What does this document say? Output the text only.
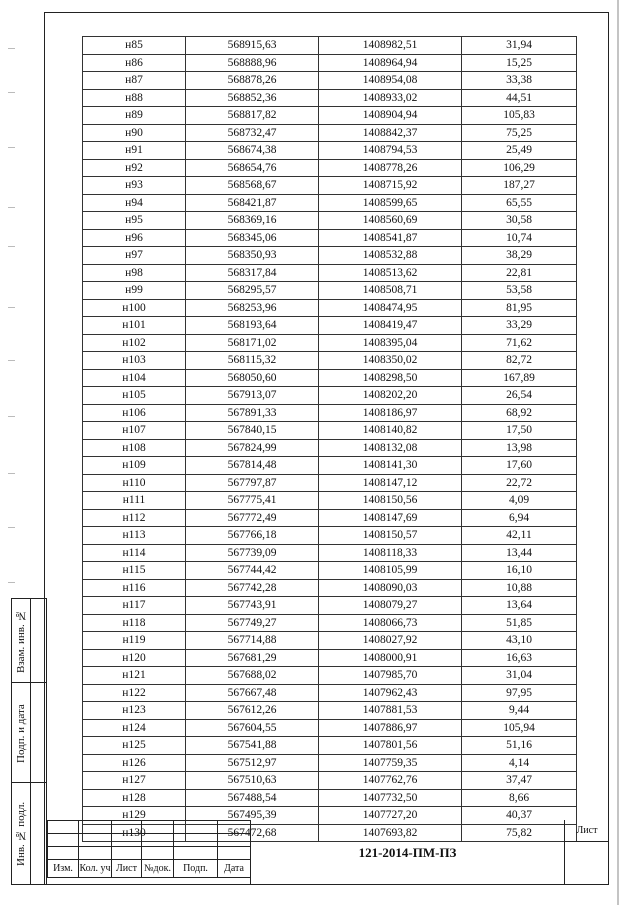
н85	568915,63	1408982,51	31,94
н86	568888,96	1408964,94	15,25
н87	568878,26	1408954,08	33,38
н88	568852,36	1408933,02	44,51
н89	568817,82	1408904,94	105,83
н90	568732,47	1408842,37	75,25
н91	568674,38	1408794,53	25,49
н92	568654,76	1408778,26	106,29
н93	568568,67	1408715,92	187,27
н94	568421,87	1408599,65	65,55
н95	568369,16	1408560,69	30,58
н96	568345,06	1408541,87	10,74
н97	568350,93	1408532,88	38,29
н98	568317,84	1408513,62	22,81
н99	568295,57	1408508,71	53,58
н100	568253,96	1408474,95	81,95
н101	568193,64	1408419,47	33,29
н102	568171,02	1408395,04	71,62
н103	568115,32	1408350,02	82,72
н104	568050,60	1408298,50	167,89
н105	567913,07	1408202,20	26,54
н106	567891,33	1408186,97	68,92
н107	567840,15	1408140,82	17,50
н108	567824,99	1408132,08	13,98
н109	567814,48	1408141,30	17,60
н110	567797,87	1408147,12	22,72
н111	567775,41	1408150,56	4,09
н112	567772,49	1408147,69	6,94
н113	567766,18	1408150,57	42,11
н114	567739,09	1408118,33	13,44
н115	567744,42	1408105,99	16,10
н116	567742,28	1408090,03	10,88
н117	567743,91	1408079,27	13,64
н118	567749,27	1408066,73	51,85
н119	567714,88	1408027,92	43,10
н120	567681,29	1408000,91	16,63
н121	567688,02	1407985,70	31,04
н122	567667,48	1407962,43	97,95
н123	567612,26	1407881,53	9,44
н124	567604,55	1407886,97	105,94
н125	567541,88	1407801,56	51,16
н126	567512,97	1407759,35	4,14
н127	567510,63	1407762,76	37,47
н128	567488,54	1407732,50	8,66
н129	567495,39	1407727,20	40,37
н130	567472,68	1407693,82	75,82
Взам. инв. №
Подп. и дата
Инв. № подл.

Изм.	Кол. уч	Лист	№док.	Подп.	Дата
121-2014-ПМ-ПЗ
Лист
